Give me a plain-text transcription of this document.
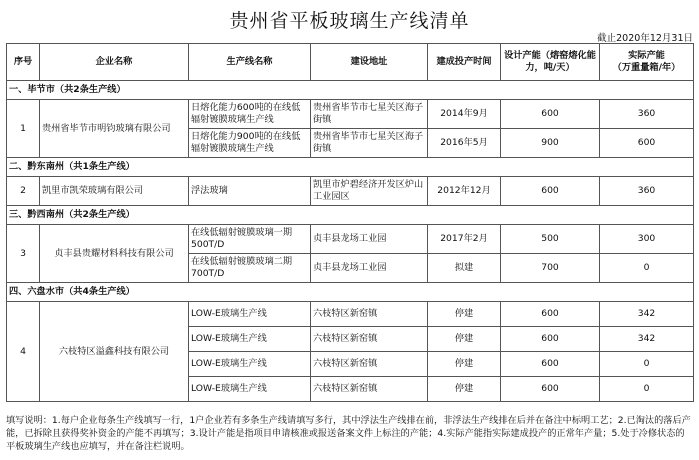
贵州省平板玻璃生产线清单
截止2020年12月31日
序号	企业名称	生产线名称	建设地址	建成投产时间	设计产能（熔窑熔化能力，吨/天）	实际产能
（万重量箱/年）
一、毕节市（共2条生产线）						
1	贵州省毕节市明钧玻璃有限公司	日熔化能力600吨的在线低辐射镀膜玻璃生产线	贵州省毕节市七星关区海子街镇	2014年9月	600	360
		日熔化能力900吨的在线低辐射镀膜玻璃生产线	贵州省毕节市七星关区海子街镇	2016年5月	900	600
二、黔东南州（共1条生产线）						
2	凯里市凯荣玻璃有限公司	浮法玻璃	凯里市炉碧经济开发区炉山工业园区	2012年12月	600	360
三、黔西南州（共2条生产线）						
3	贞丰县贵耀材料科技有限公司	在线低辐射镀膜玻璃一期500T/D	贞丰县龙场工业园	2017年2月	500	300
		在线低辐射镀膜玻璃二期700T/D	贞丰县龙场工业园	拟建	700	0
四、六盘水市（共4条生产线）						
4	六枝特区溢鑫科技有限公司	LOW-E玻璃生产线	六枝特区新窑镇	停建	600	342
		LOW-E玻璃生产线	六枝特区新窑镇	停建	600	342
		LOW-E玻璃生产线	六枝特区新窑镇	停建	600	0
		LOW-E玻璃生产线	六枝特区新窑镇	停建	600	0
填写说明：1.每户企业每条生产线填写一行，1户企业若有多条生产线请填写多行，其中浮法生产线排在前，非浮法生产线排在后并在备注中标明工艺；2.已淘汰的落后产能，已拆除且获得奖补资金的产能不再填写；3.设计产能是指项目申请核准或报送备案文件上标注的产能；4.实际产能指实际建成投产的正常年产量；5.处于冷修状态的平板玻璃生产线也应填写，并在备注栏说明。
